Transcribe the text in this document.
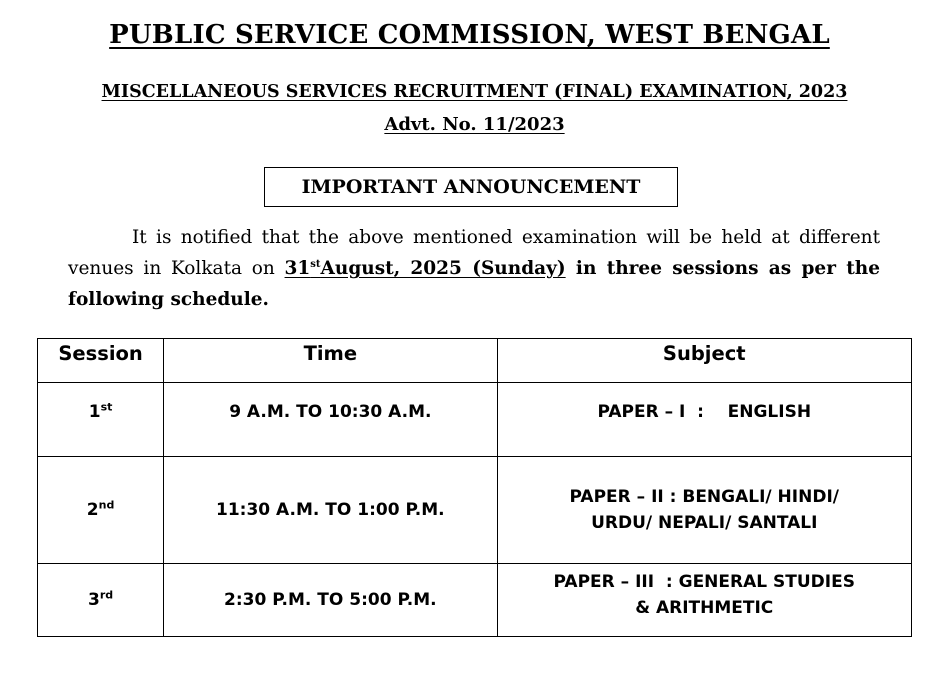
PUBLIC SERVICE COMMISSION, WEST BENGAL
MISCELLANEOUS SERVICES RECRUITMENT (FINAL) EXAMINATION, 2023
Advt. No. 11/2023
IMPORTANT ANNOUNCEMENT
It is notified that the above mentioned examination will be held at different venues in Kolkata on 31stAugust, 2025 (Sunday) in three sessions as per the following schedule.
Session	Time	Subject
1st	9 A.M. TO 10:30 A.M.	PAPER – I  :    ENGLISH
2nd	11:30 A.M. TO 1:00 P.M.	PAPER – II : BENGALI/ HINDI/
URDU/ NEPALI/ SANTALI

3rd	2:30 P.M. TO 5:00 P.M.	PAPER – III  : GENERAL STUDIES
& ARITHMETIC
